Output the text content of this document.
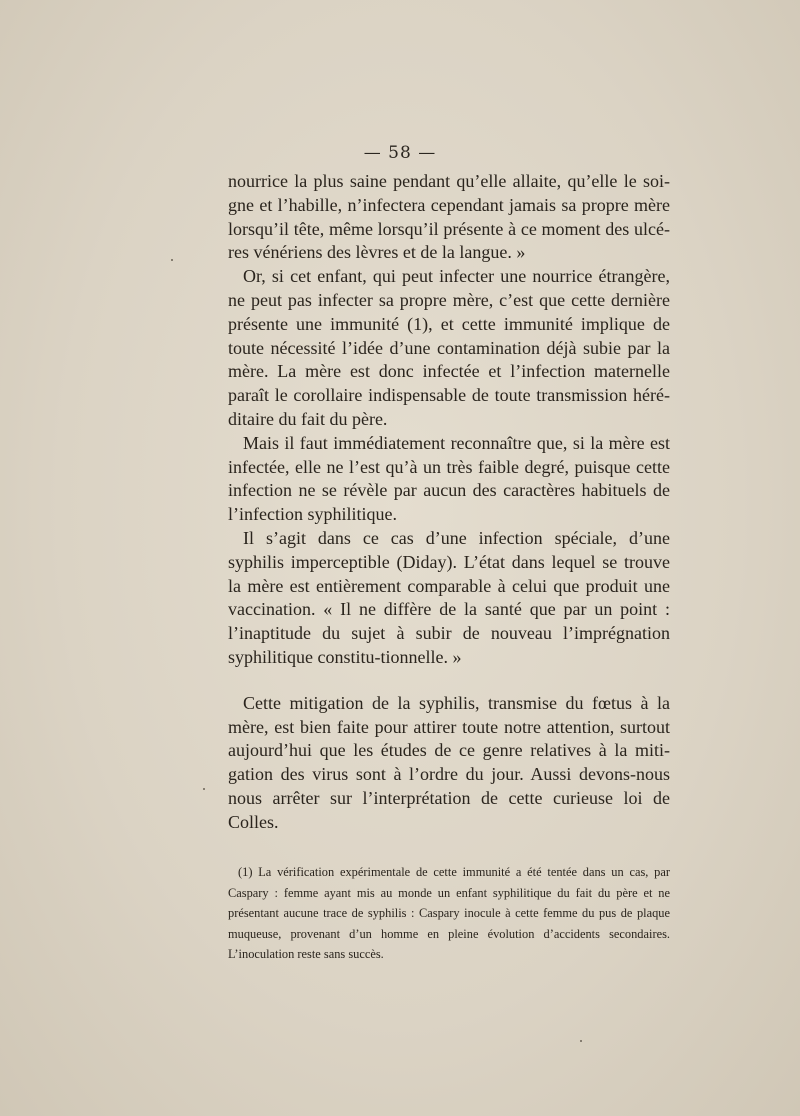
— 58 —

nourrice la plus saine pendant qu’elle allaite, qu’elle le soi-gne et l’habille, n’infectera cependant jamais sa propre mère lorsqu’il tête, même lorsqu’il présente à ce moment des ulcé-res vénériens des lèvres et de la langue. »

Or, si cet enfant, qui peut infecter une nourrice étrangère, ne peut pas infecter sa propre mère, c’est que cette dernière présente une immunité (1), et cette immunité implique de toute nécessité l’idée d’une contamination déjà subie par la mère. La mère est donc infectée et l’infection maternelle paraît le corollaire indispensable de toute transmission héré-ditaire du fait du père.

Mais il faut immédiatement reconnaître que, si la mère est infectée, elle ne l’est qu’à un très faible degré, puisque cette infection ne se révèle par aucun des caractères habituels de l’infection syphilitique.

Il s’agit dans ce cas d’une infection spéciale, d’une syphilis imperceptible (Diday). L’état dans lequel se trouve la mère est entièrement comparable à celui que produit une vaccination. « Il ne diffère de la santé que par un point : l’inaptitude du sujet à subir de nouveau l’imprégnation syphilitique constitu-tionnelle. »

Cette mitigation de la syphilis, transmise du fœtus à la mère, est bien faite pour attirer toute notre attention, surtout aujourd’hui que les études de ce genre relatives à la miti-gation des virus sont à l’ordre du jour. Aussi devons-nous nous arrêter sur l’interprétation de cette curieuse loi de Colles.

(1) La vérification expérimentale de cette immunité a été tentée dans un cas, par Caspary : femme ayant mis au monde un enfant syphilitique du fait du père et ne présentant aucune trace de syphilis : Caspary inocule à cette femme du pus de plaque muqueuse, provenant d’un homme en pleine évolution d’accidents secondaires. L’inoculation reste sans succès.
